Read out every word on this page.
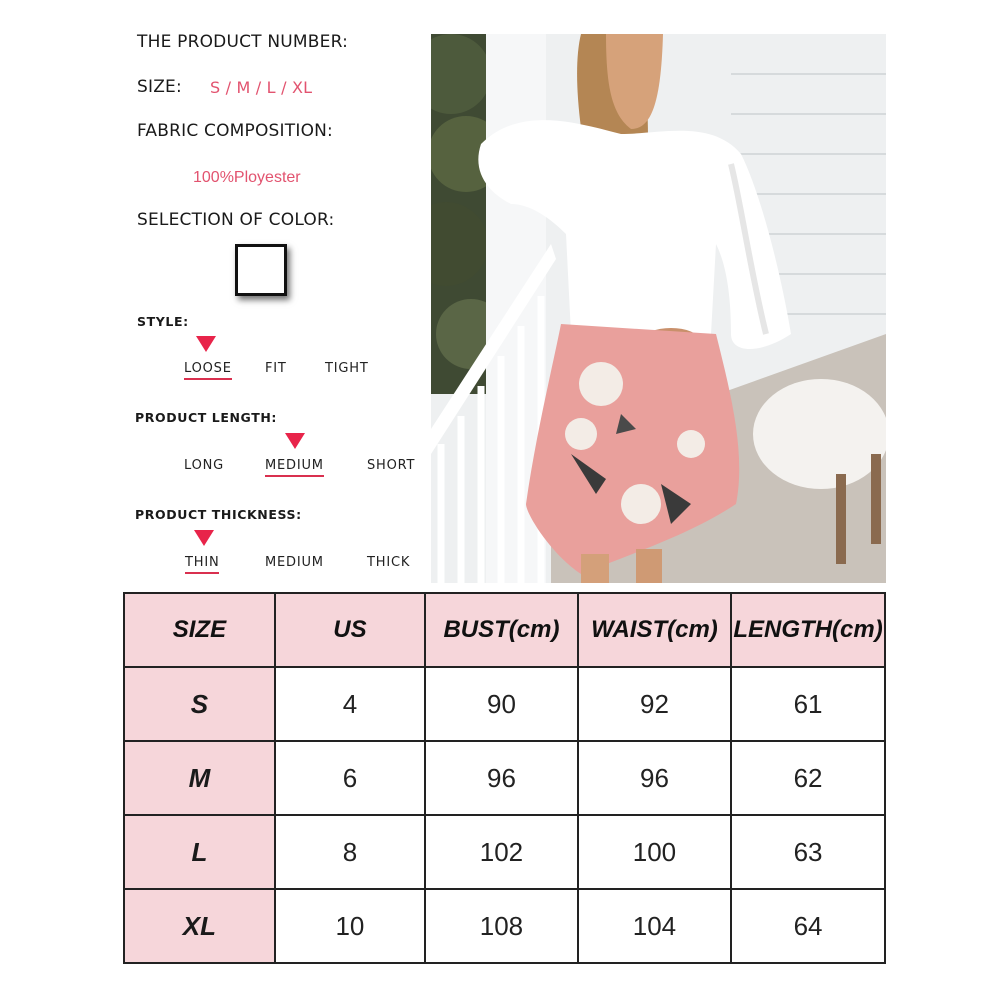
THE PRODUCT NUMBER:
SIZE: S / M / L / XL
FABRIC COMPOSITION:
100%Ployester
SELECTION OF COLOR:
STYLE:
LOOSE	FIT	TIGHT
PRODUCT LENGTH:
LONG	MEDIUM	SHORT
PRODUCT THICKNESS:
THIN	MEDIUM	THICK
SIZE	US	BUST(cm)	WAIST(cm)	LENGTH(cm)
S	4	90	92	61
M	6	96	96	62
L	8	102	100	63
XL	10	108	104	64
